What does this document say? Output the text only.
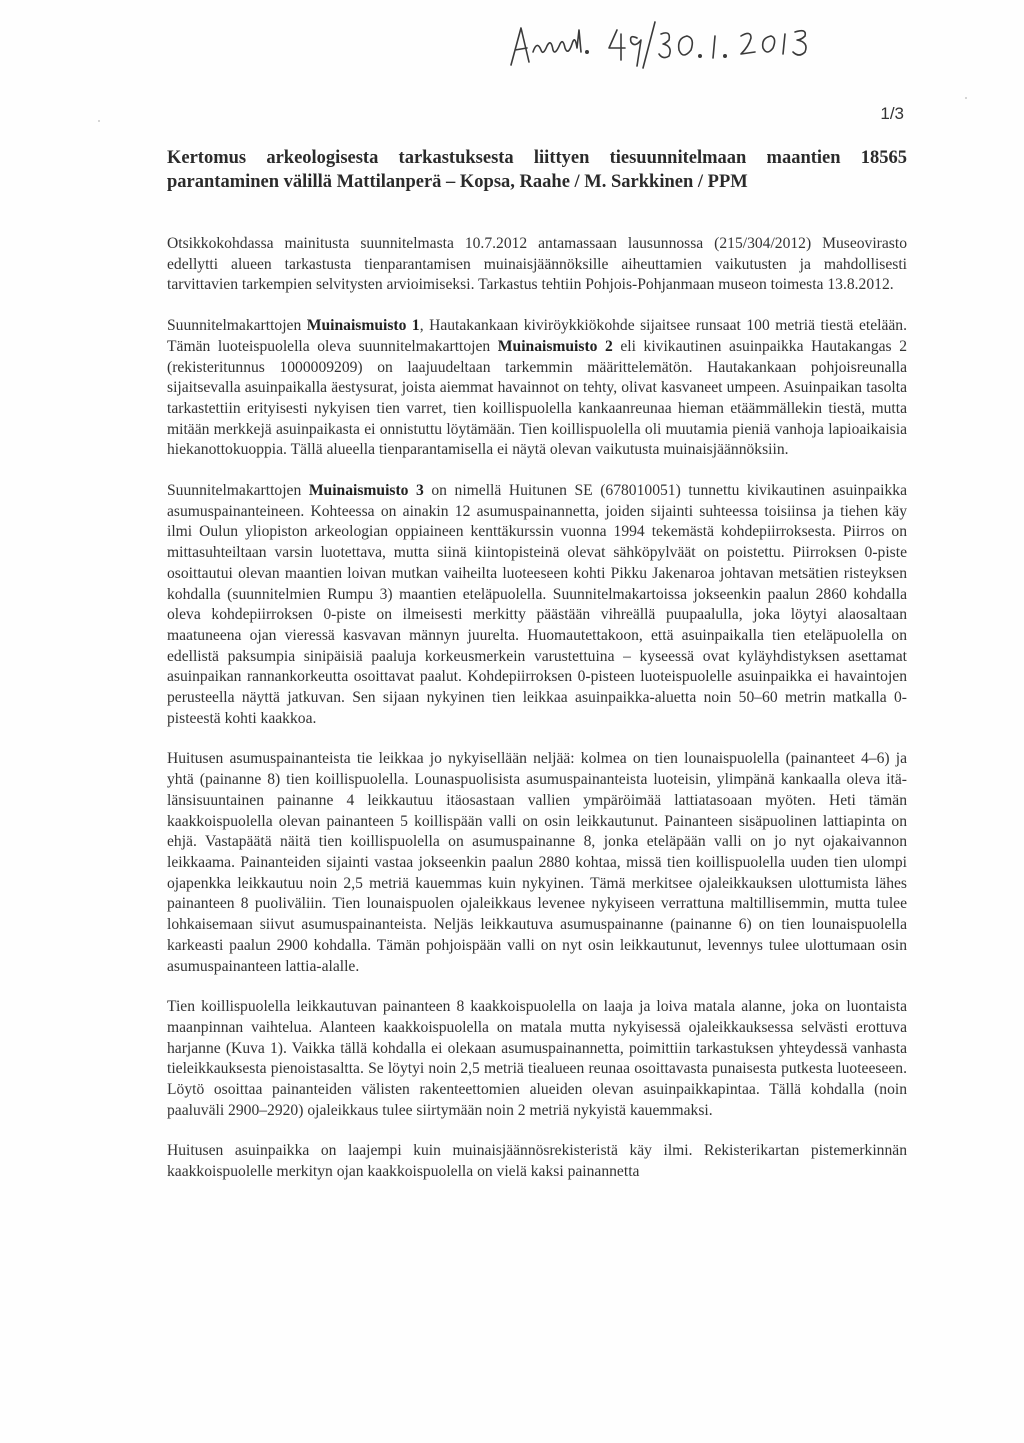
1/3
Kertomus arkeologisesta tarkastuksesta liittyen tiesuunnitelmaan maantien 18565 parantaminen välillä Mattilanperä – Kopsa, Raahe / M. Sarkkinen / PPM

Otsikkokohdassa mainitusta suunnitelmasta 10.7.2012 antamassaan lausunnossa (215/304/2012) Museovirasto edellytti alueen tarkastusta tienparantamisen muinaisjäännöksille aiheuttamien vaikutusten ja mahdollisesti tarvittavien tarkempien selvitysten arvioimiseksi. Tarkastus tehtiin Pohjois-Pohjanmaan museon toimesta 13.8.2012.

Suunnitelmakarttojen Muinaismuisto 1, Hautakankaan kiviröykkiökohde sijaitsee runsaat 100 metriä tiestä etelään. Tämän luoteispuolella oleva suunnitelmakarttojen Muinaismuisto 2 eli kivikautinen asuinpaikka Hautakangas 2 (rekisteritunnus 1000009209) on laajuudeltaan tarkemmin määrittelemätön. Hautakankaan pohjoisreunalla sijaitsevalla asuinpaikalla äestysurat, joista aiemmat havainnot on tehty, olivat kasvaneet umpeen. Asuinpaikan tasolta tarkastettiin erityisesti nykyisen tien varret, tien koillispuolella kankaanreunaa hieman etäämmällekin tiestä, mutta mitään merkkejä asuinpaikasta ei onnistuttu löytämään. Tien koillispuolella oli muutamia pieniä vanhoja lapioaikaisia hiekanottokuoppia. Tällä alueella tienparantamisella ei näytä olevan vaikutusta muinaisjäännöksiin.

Suunnitelmakarttojen Muinaismuisto 3 on nimellä Huitunen SE (678010051) tunnettu kivikautinen asuinpaikka asumuspainanteineen. Kohteessa on ainakin 12 asumuspainannetta, joiden sijainti suhteessa toisiinsa ja tiehen käy ilmi Oulun yliopiston arkeologian oppiaineen kenttäkurssin vuonna 1994 tekemästä kohdepiirroksesta. Piirros on mittasuhteiltaan varsin luotettava, mutta siinä kiintopisteinä olevat sähköpylväät on poistettu. Piirroksen 0-piste osoittautui olevan maantien loivan mutkan vaiheilta luoteeseen kohti Pikku Jakenaroa johtavan metsätien risteyksen kohdalla (suunnitelmien Rumpu 3) maantien eteläpuolella. Suunnitelmakartoissa jokseenkin paalun 2860 kohdalla oleva kohdepiirroksen 0-piste on ilmeisesti merkitty päästään vihreällä puupaalulla, joka löytyi alaosaltaan maatuneena ojan vieressä kasvavan männyn juurelta. Huomautettakoon, että asuinpaikalla tien eteläpuolella on edellistä paksumpia sinipäisiä paaluja korkeusmerkein varustettuina – kyseessä ovat kyläyhdistyksen asettamat asuinpaikan rannankorkeutta osoittavat paalut. Kohdepiirroksen 0-pisteen luoteispuolelle asuinpaikka ei havaintojen perusteella näyttä jatkuvan. Sen sijaan nykyinen tien leikkaa asuinpaikka-aluetta noin 50–60 metrin matkalla 0-pisteestä kohti kaakkoa.

Huitusen asumuspainanteista tie leikkaa jo nykyisellään neljää: kolmea on tien lounaispuolella (painanteet 4–6) ja yhtä (painanne 8) tien koillispuolella. Lounaspuolisista asumuspainanteista luoteisin, ylimpänä kankaalla oleva itä-länsisuuntainen painanne 4 leikkautuu itäosastaan vallien ympäröimää lattiatasoaan myöten. Heti tämän kaakkoispuolella olevan painanteen 5 koillispään valli on osin leikkautunut. Painanteen sisäpuolinen lattiapinta on ehjä. Vastapäätä näitä tien koillispuolella on asumuspainanne 8, jonka eteläpään valli on jo nyt ojakaivannon leikkaama. Painanteiden sijainti vastaa jokseenkin paalun 2880 kohtaa, missä tien koillispuolella uuden tien ulompi ojapenkka leikkautuu noin 2,5 metriä kauemmas kuin nykyinen. Tämä merkitsee ojaleikkauksen ulottumista lähes painanteen 8 puoliväliin. Tien lounaispuolen ojaleikkaus levenee nykyiseen verrattuna maltillisemmin, mutta tulee lohkaisemaan siivut asumuspainanteista. Neljäs leikkautuva asumuspainanne (painanne 6) on tien lounaispuolella karkeasti paalun 2900 kohdalla. Tämän pohjoispään valli on nyt osin leikkautunut, levennys tulee ulottumaan osin asumuspainanteen lattia-alalle.

Tien koillispuolella leikkautuvan painanteen 8 kaakkoispuolella on laaja ja loiva matala alanne, joka on luontaista maanpinnan vaihtelua. Alanteen kaakkoispuolella on matala mutta nykyisessä ojaleikkauksessa selvästi erottuva harjanne (Kuva 1). Vaikka tällä kohdalla ei olekaan asumuspainannetta, poimittiin tarkastuksen yhteydessä vanhasta tieleikkauksesta pienoistasaltta. Se löytyi noin 2,5 metriä tiealueen reunaa osoittavasta punaisesta putkesta luoteeseen. Löytö osoittaa painanteiden välisten rakenteettomien alueiden olevan asuinpaikkapintaa. Tällä kohdalla (noin paaluväli 2900–2920) ojaleikkaus tulee siirtymään noin 2 metriä nykyistä kauemmaksi.

Huitusen asuinpaikka on laajempi kuin muinaisjäännösrekisteristä käy ilmi. Rekisterikartan pistemerkinnän kaakkoispuolelle merkityn ojan kaakkoispuolella on vielä kaksi painannetta
